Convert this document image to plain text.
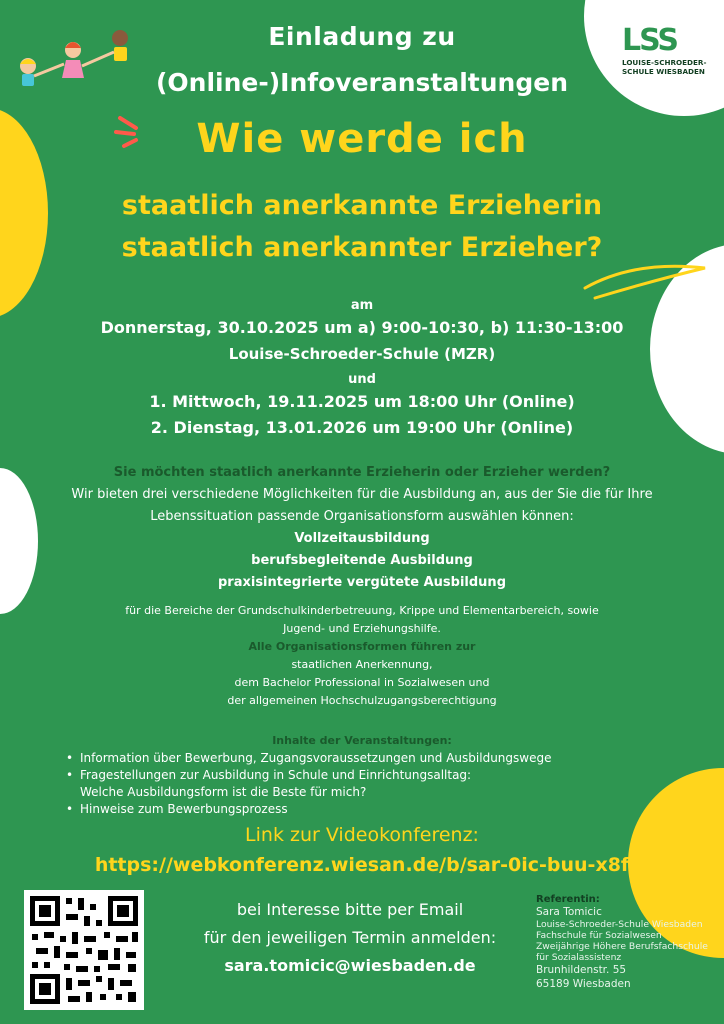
LSS
LOUISE-SCHROEDER-
SCHULE WIESBADEN
Einladung zu
(Online-)Infoveranstaltungen
Wie werde ich
staatlich anerkannte Erzieherin
staatlich anerkannter Erzieher?
am
Donnerstag, 30.10.2025 um a) 9:00-10:30, b) 11:30-13:00
Louise-Schroeder-Schule (MZR)
und
1. Mittwoch, 19.11.2025 um 18:00 Uhr (Online)
2. Dienstag, 13.01.2026 um 19:00 Uhr (Online)
Sie möchten staatlich anerkannte Erzieherin oder Erzieher werden?
Wir bieten drei verschiedene Möglichkeiten für die Ausbildung an, aus der Sie die für Ihre
Lebenssituation passende Organisationsform auswählen können:
Vollzeitausbildung
berufsbegleitende Ausbildung
praxisintegrierte vergütete Ausbildung
für die Bereiche der Grundschulkinderbetreuung, Krippe und Elementarbereich, sowie
Jugend- und Erziehungshilfe.
Alle Organisationsformen führen zur
staatlichen Anerkennung,
dem Bachelor Professional in Sozialwesen und
der allgemeinen Hochschulzugangsberechtigung
Inhalte der Veranstaltungen:
• Information über Bewerbung, Zugangsvoraussetzungen und Ausbildungswege
• Fragestellungen zur Ausbildung in Schule und Einrichtungsalltag:
Welche Ausbildungsform ist die Beste für mich?
• Hinweise zum Bewerbungsprozess
Link zur Videokonferenz:
https://webkonferenz.wiesan.de/b/sar-0ic-buu-x8f
bei Interesse bitte per Email
für den jeweiligen Termin anmelden:
sara.tomicic@wiesbaden.de
Referentin:
Sara Tomicic
Louise-Schroeder-Schule Wiesbaden
Fachschule für Sozialwesen
Zweijährige Höhere Berufsfachschule
für Sozialassistenz
Brunhildenstr. 55
65189 Wiesbaden
